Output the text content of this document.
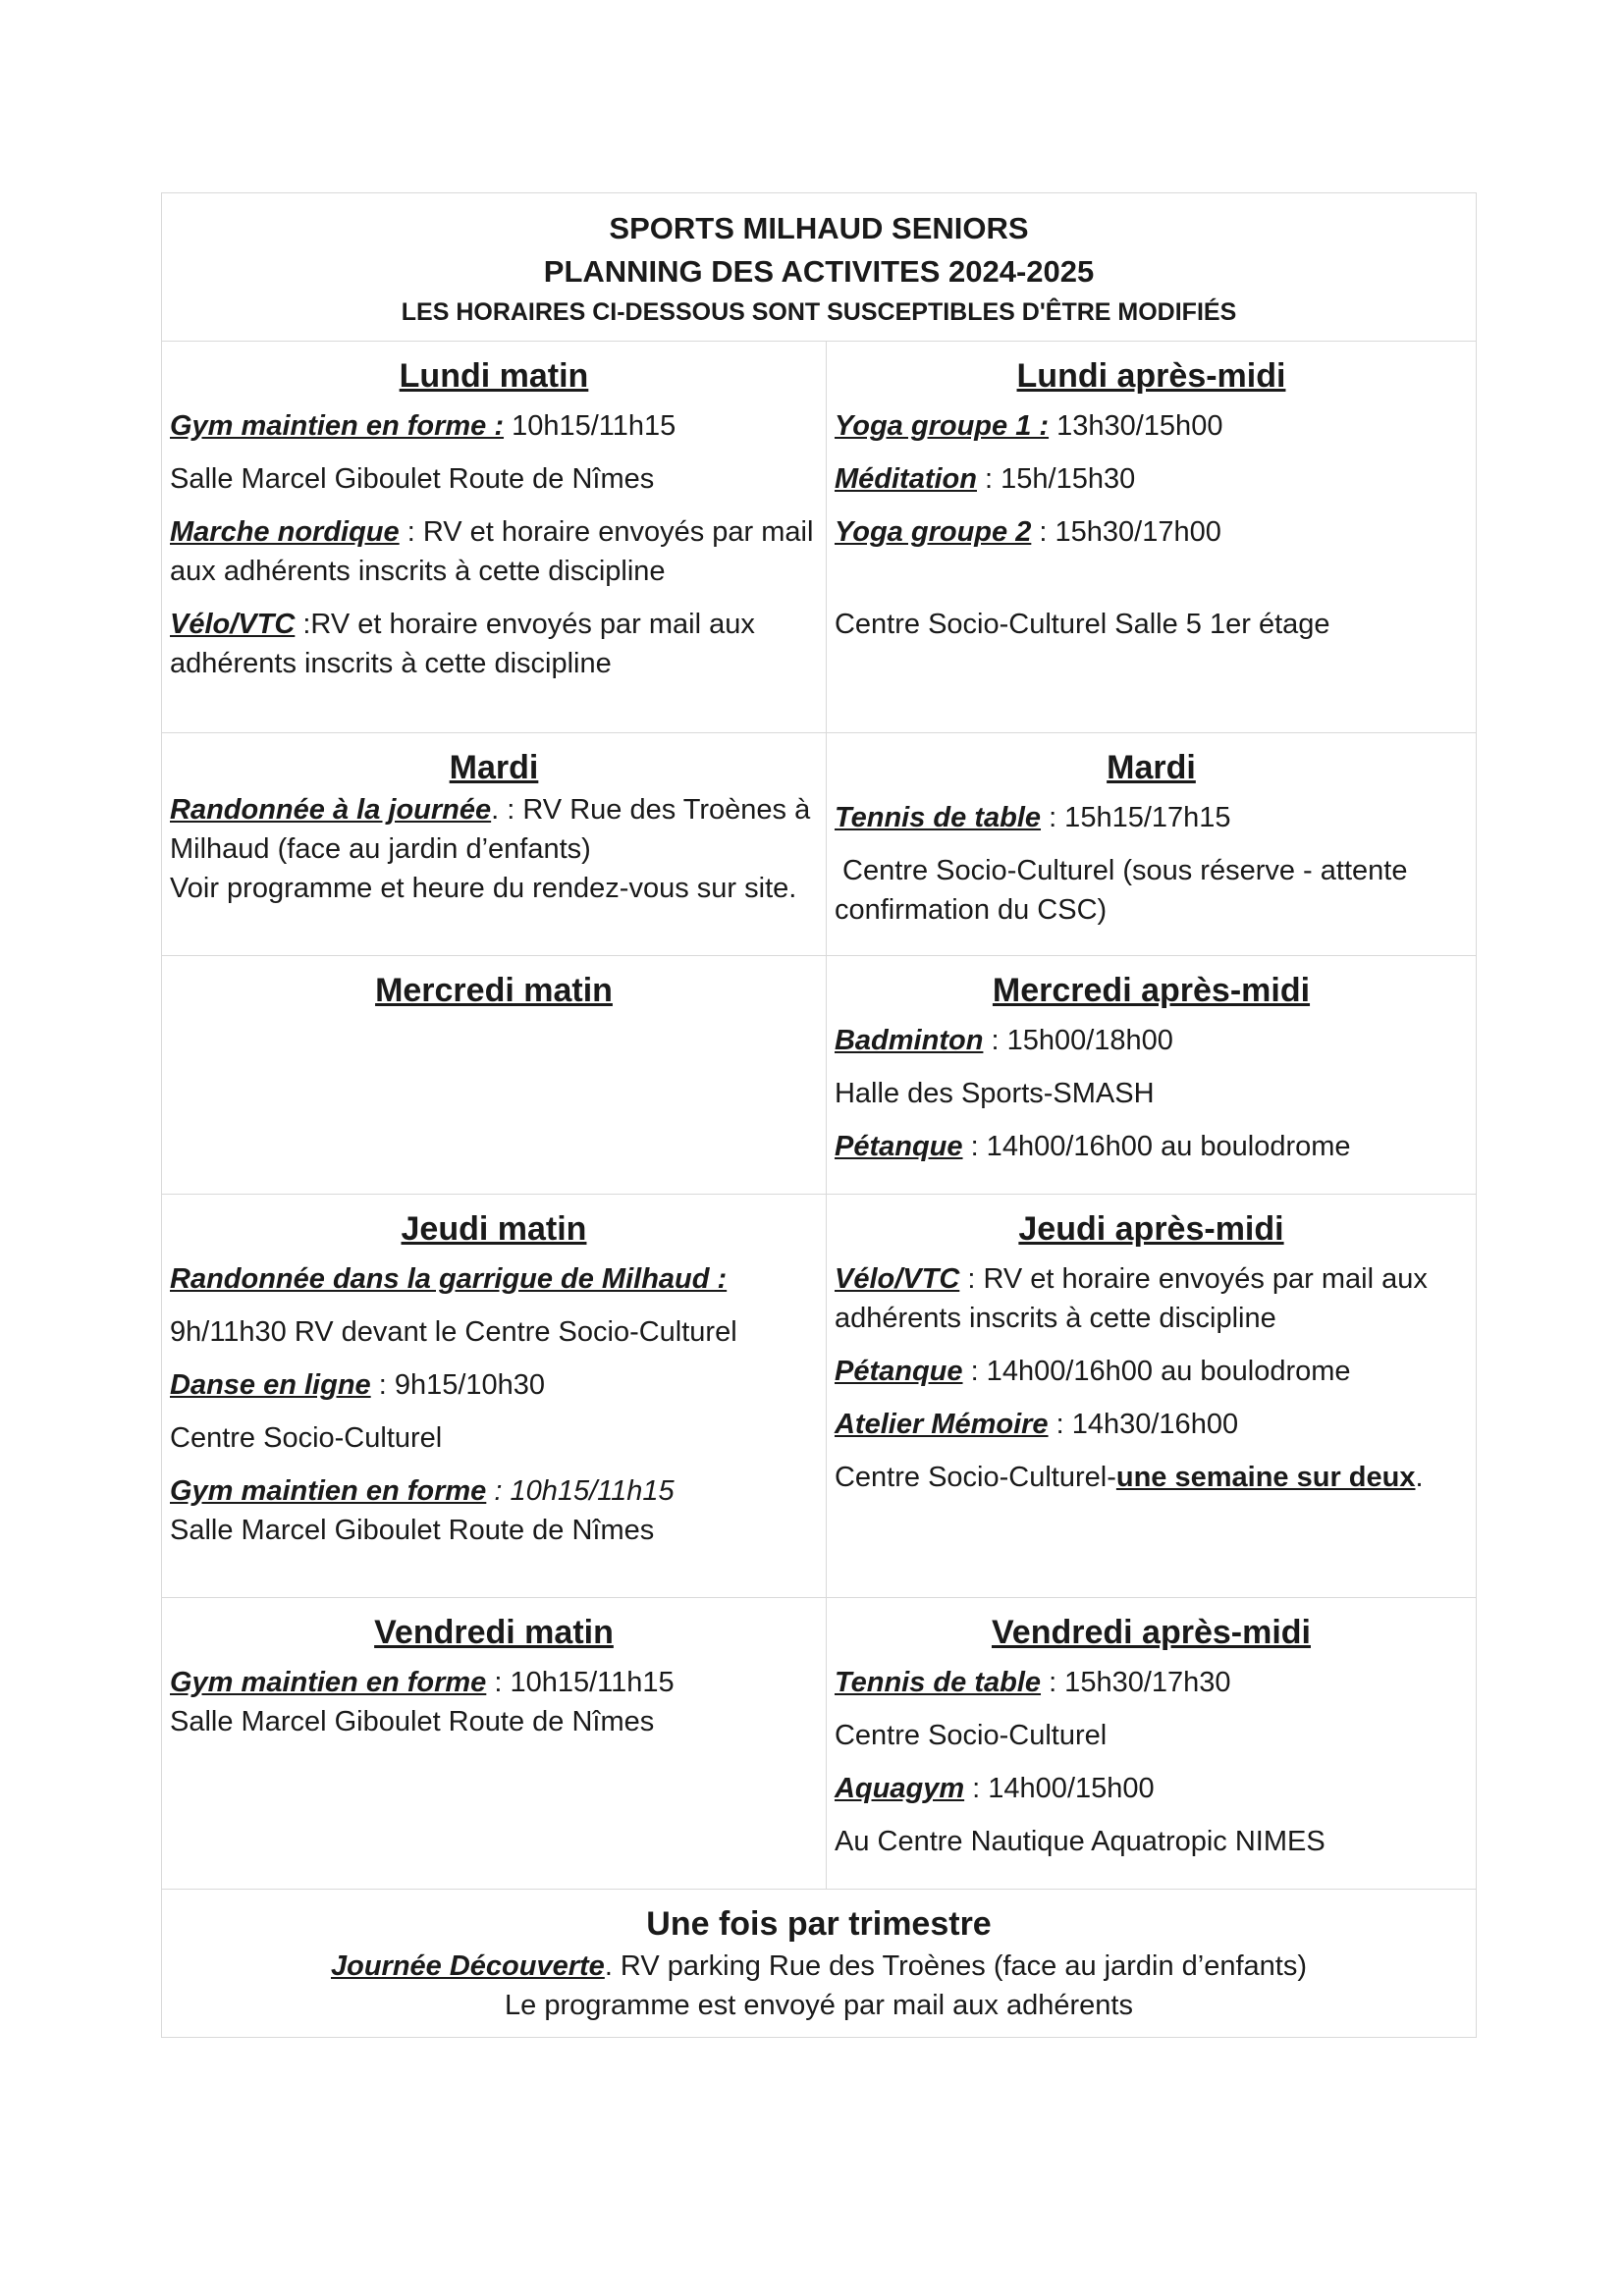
SPORTS MILHAUD SENIORS
PLANNING DES ACTIVITES 2024-2025
LES HORAIRES CI-DESSOUS SONT SUSCEPTIBLES D'ÊTRE MODIFIÉS
Lundi matin
Gym maintien en forme : 10h15/11h15
Salle Marcel Giboulet Route de Nîmes
Marche nordique : RV et horaire envoyés par mail aux adhérents inscrits à cette discipline
Vélo/VTC :RV et horaire envoyés par mail aux adhérents inscrits à cette discipline
Lundi après-midi
Yoga groupe 1 : 13h30/15h00
Méditation : 15h/15h30
Yoga groupe 2 : 15h30/17h00
Centre Socio-Culturel Salle 5 1er étage
Mardi
Randonnée à la journée. : RV Rue des Troènes à Milhaud (face au jardin d’enfants)
Voir programme et heure du rendez-vous sur site.
Mardi
Tennis de table : 15h15/17h15
Centre Socio-Culturel (sous réserve - attente confirmation du CSC)
Mercredi matin	Mercredi après-midi
Badminton : 15h00/18h00
Halle des Sports-SMASH
Pétanque : 14h00/16h00 au boulodrome
Jeudi matin
Randonnée dans la garrigue de Milhaud :
9h/11h30 RV devant le Centre Socio-Culturel
Danse en ligne : 9h15/10h30
Centre Socio-Culturel
Gym maintien en forme : 10h15/11h15
Salle Marcel Giboulet Route de Nîmes
Jeudi après-midi
Vélo/VTC : RV et horaire envoyés par mail aux adhérents inscrits à cette discipline
Pétanque : 14h00/16h00 au boulodrome
Atelier Mémoire : 14h30/16h00
Centre Socio-Culturel-une semaine sur deux.
Vendredi matin
Gym maintien en forme : 10h15/11h15
Salle Marcel Giboulet Route de Nîmes
Vendredi après-midi
Tennis de table : 15h30/17h30
Centre Socio-Culturel
Aquagym : 14h00/15h00
Au Centre Nautique Aquatropic NIMES
Une fois par trimestre
Journée Découverte. RV parking Rue des Troènes (face au jardin d’enfants)
Le programme est envoyé par mail aux adhérents
